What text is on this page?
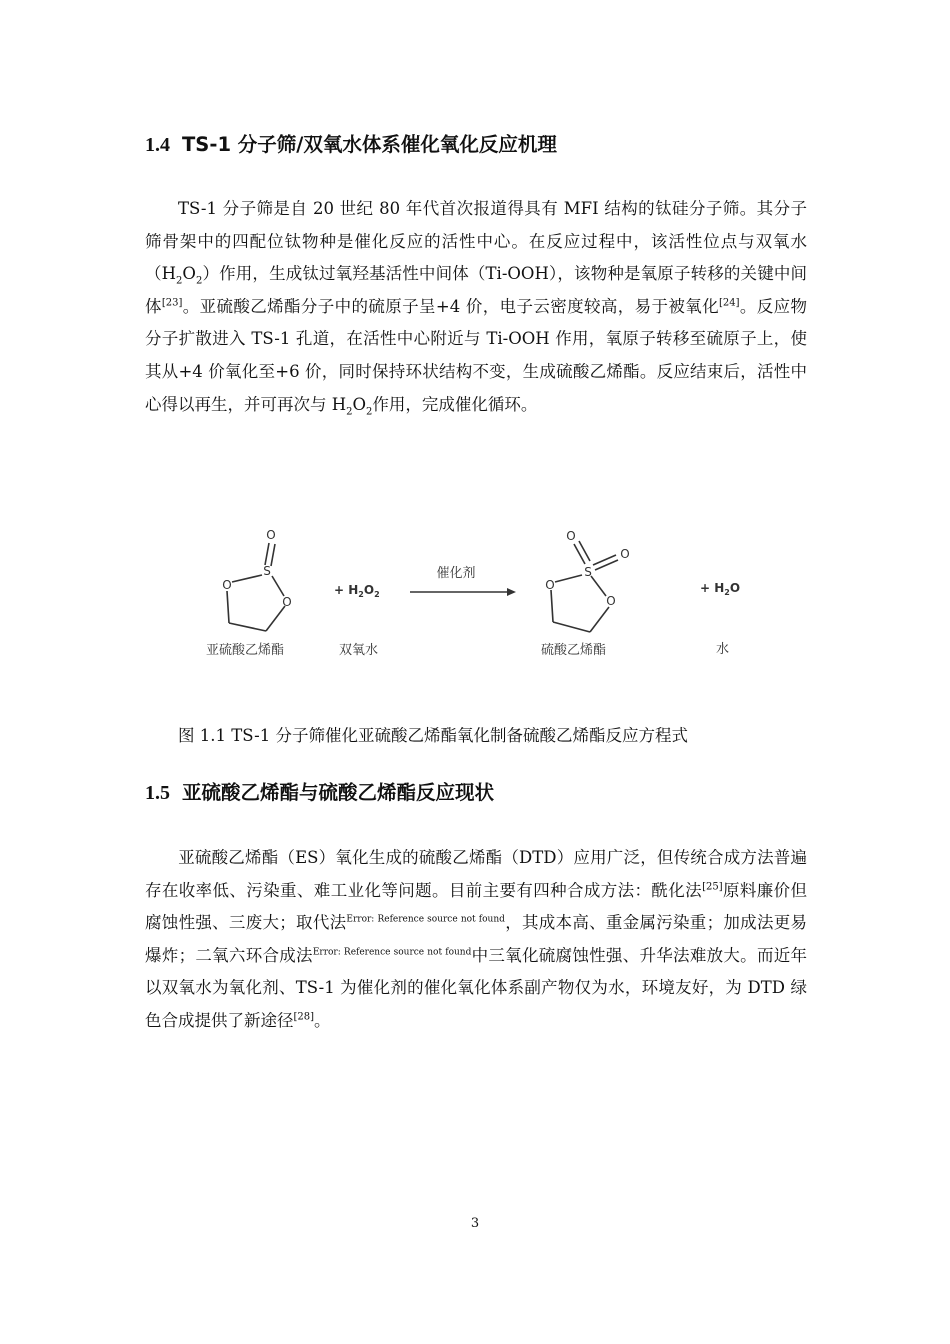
1.4 TS-1 分子筛/双氧水体系催化氧化反应机理

TS-1 分子筛是自 20 世纪 80 年代首次报道得具有 MFI 结构的钛硅分子筛。其分子筛骨架中的四配位钛物种是催化反应的活性中心。在反应过程中，该活性位点与双氧水$(H_2O_2)$作用，生成钛过氧羟基活性中间体（Ti-OOH），该物种是氧原子转移的关键中间体[23]。亚硫酸乙烯酯分子中的硫原子呈+4 价，电子云密度较高，易于被氧化[24]。反应物分子扩散进入 TS-1 孔道，在活性中心附近与 Ti-OOH 作用，氧原子转移至硫原子上，使其从+4 价氧化至+6 价，同时保持环状结构不变，生成硫酸乙烯酯。反应结束后，活性中心得以再生，并可再次与 $H_2O_2$作用，完成催化循环。

O
S
O
O
+ $H_2O_2$
催化剂
O
O
S
O
O
+ $H_2O$
亚硫酸乙烯酯	双氧水	硫酸乙烯酯	水

图 1.1 TS-1 分子筛催化亚硫酸乙烯酯氧化制备硫酸乙烯酯反应方程式

1.5 亚硫酸乙烯酯与硫酸乙烯酯反应现状

亚硫酸乙烯酯（ES）氧化生成的硫酸乙烯酯（DTD）应用广泛，但传统合成方法普遍存在收率低、污染重、难工业化等问题。目前主要有四种合成方法：酰化法[25]原料廉价但腐蚀性强、三废大；取代法$^{Error: Reference source not found}$，其成本高、重金属污染重；加成法更易爆炸；二氧六环合成法$^{Error: Reference source not found}$中三氧化硫腐蚀性强、升华法难放大。而近年以双氧水为氧化剂、TS-1 为催化剂的催化氧化体系副产物仅为水，环境友好，为 DTD 绿色合成提供了新途径[28]。

3
